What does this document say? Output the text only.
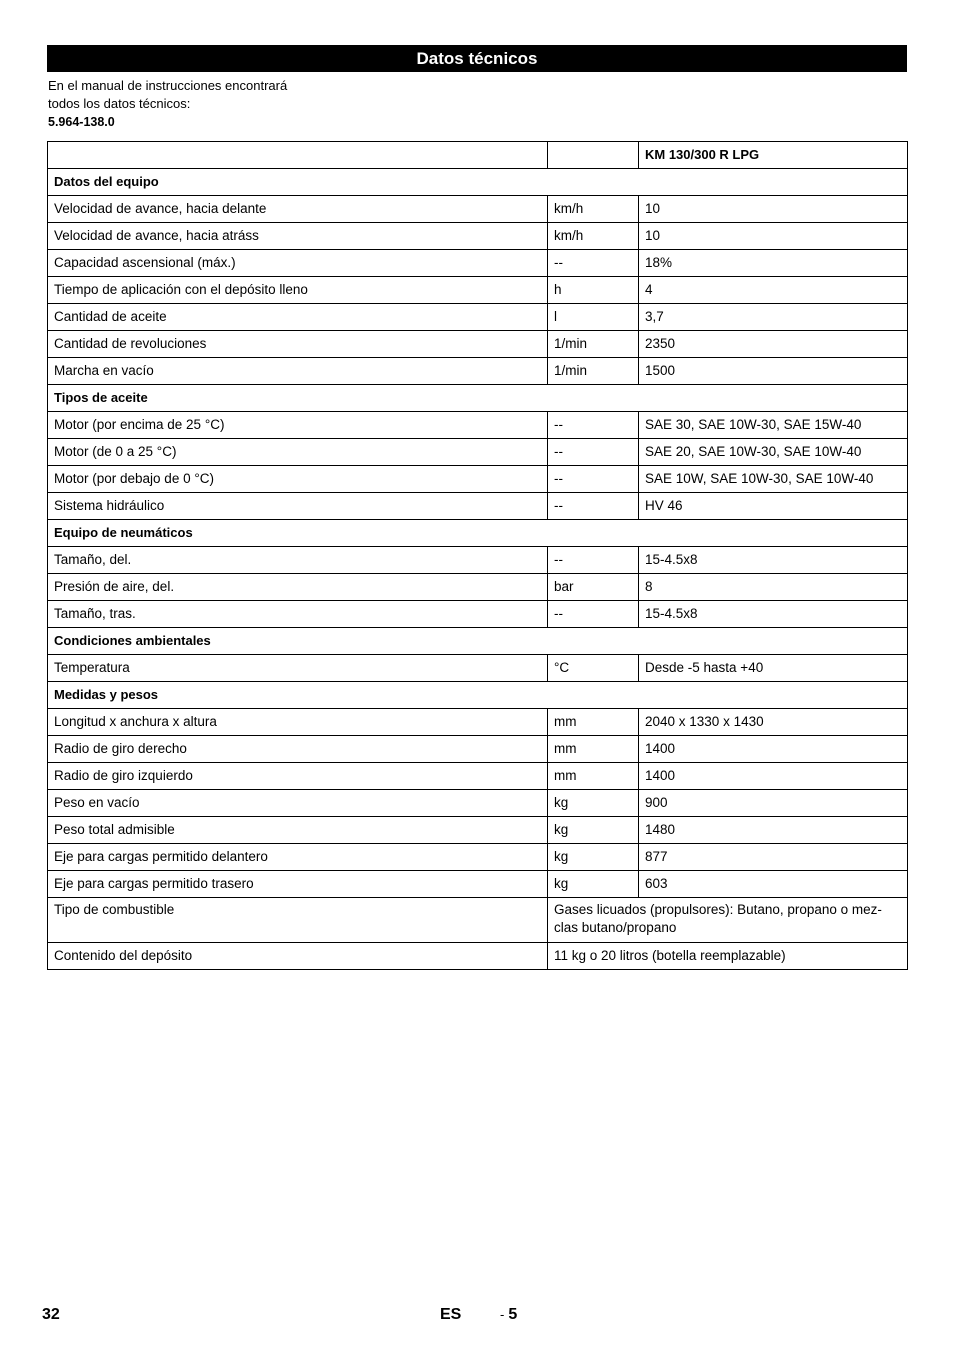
Datos técnicos
En el manual de instrucciones encontrará
todos los datos técnicos:
5.964-138.0
		KM 130/300 R LPG
Datos del equipo		
Velocidad de avance, hacia delante	km/h	10
Velocidad de avance, hacia atráss	km/h	10
Capacidad ascensional (máx.)	--	18%
Tiempo de aplicación con el depósito lleno	h	4
Cantidad de aceite	l	3,7
Cantidad de revoluciones	1/min	2350
Marcha en vacío	1/min	1500
Tipos de aceite		
Motor (por encima de 25 °C)	--	SAE 30, SAE 10W-30, SAE 15W-40
Motor (de 0 a 25 °C)	--	SAE 20, SAE 10W-30, SAE 10W-40
Motor (por debajo de 0 °C)	--	SAE 10W, SAE 10W-30, SAE 10W-40
Sistema hidráulico	--	HV 46
Equipo de neumáticos		
Tamaño, del.	--	15-4.5x8
Presión de aire, del.	bar	8
Tamaño, tras.	--	15-4.5x8
Condiciones ambientales		
Temperatura	°C	Desde -5 hasta +40
Medidas y pesos		
Longitud x anchura x altura	mm	2040 x 1330 x 1430
Radio de giro derecho	mm	1400
Radio de giro izquierdo	mm	1400
Peso en vacío	kg	900
Peso total admisible	kg	1480
Eje para cargas permitido delantero	kg	877
Eje para cargas permitido trasero	kg	603
Tipo de combustible	Gases licuados (propulsores): Butano, propano o mez-clas butano/propano	
Contenido del depósito	11 kg o 20 litros (botella reemplazable)	
32	ES	- 5
